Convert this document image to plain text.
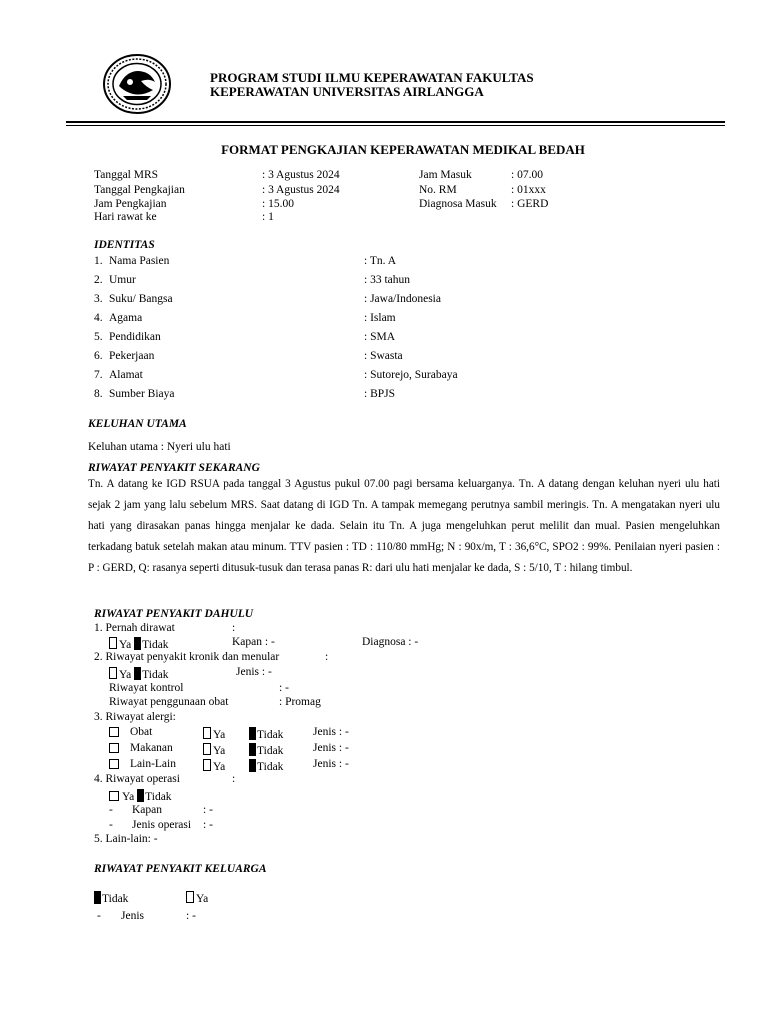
PROGRAM STUDI ILMU KEPERAWATAN FAKULTAS
KEPERAWATAN UNIVERSITAS AIRLANGGA
FORMAT PENGKAJIAN KEPERAWATAN MEDIKAL BEDAH
Tanggal MRS	: 3 Agustus 2024
Tanggal Pengkajian	: 3 Agustus 2024
Jam Pengkajian	: 15.00
Hari rawat ke	: 1
Jam Masuk	: 07.00
No. RM	: 01xxx
Diagnosa Masuk : GERD
IDENTITAS
1. Nama Pasien	: Tn. A
2. Umur	: 33 tahun
3. Suku/ Bangsa	: Jawa/Indonesia
4. Agama	: Islam
5. Pendidikan	: SMA
6. Pekerjaan	: Swasta
7. Alamat	: Sutorejo, Surabaya
8. Sumber Biaya	: BPJS
KELUHAN UTAMA
Keluhan utama : Nyeri ulu hati
RIWAYAT PENYAKIT SEKARANG
Tn. A datang ke IGD RSUA pada tanggal 3 Agustus pukul 07.00 pagi bersama keluarganya. Tn. A datang dengan keluhan nyeri ulu hati sejak 2 jam yang lalu sebelum MRS. Saat datang di IGD Tn. A tampak memegang perutnya sambil meringis. Tn. A mengatakan nyeri ulu hati yang dirasakan panas hingga menjalar ke dada. Selain itu Tn. A juga mengeluhkan perut melilit dan mual. Pasien mengeluhkan terkadang batuk setelah makan atau minum. TTV pasien : TD : 110/80 mmHg; N : 90x/m, T : 36,6°C, SPO2 : 99%. Penilaian nyeri pasien : P : GERD, Q: rasanya seperti ditusuk-tusuk dan terasa panas R: dari ulu hati menjalar ke dada, S : 5/10, T : hilang timbul.
RIWAYAT PENYAKIT DAHULU
1. Pernah dirawat	:
Ya Tidak	Kapan : -	Diagnosa : -
2. Riwayat penyakit kronik dan menular	:
Ya Tidak	Jenis : -
Riwayat kontrol	: -
Riwayat penggunaan obat	: Promag
3. Riwayat alergi:
Obat	Ya	Tidak	Jenis : -
Makanan	Ya	Tidak	Jenis : -
Lain-Lain	Ya	Tidak	Jenis : -
4. Riwayat operasi	:
Ya Tidak
- Kapan	: -
- Jenis operasi : -
5. Lain-lain: -
RIWAYAT PENYAKIT KELUARGA
Tidak	Ya
- Jenis	: -
